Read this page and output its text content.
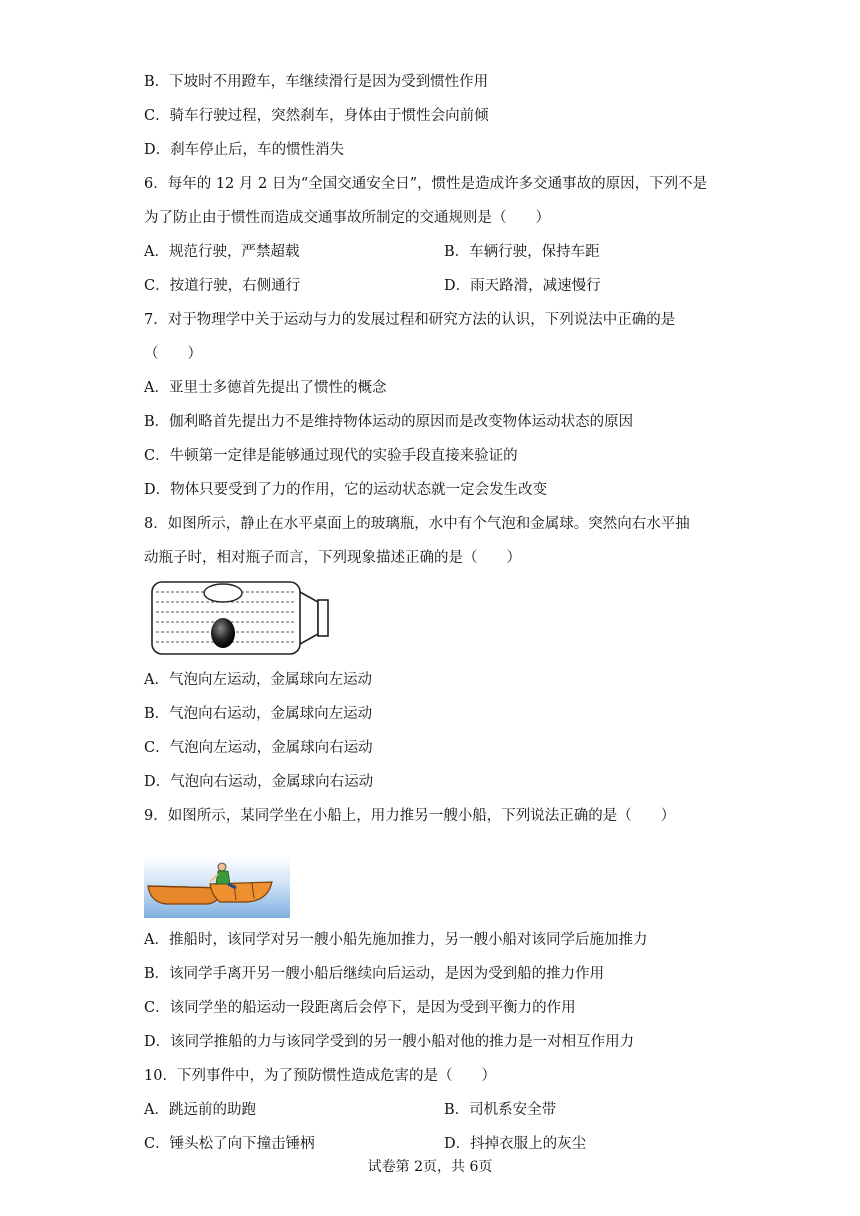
B．下坡时不用蹬车，车继续滑行是因为受到惯性作用
C．骑车行驶过程，突然刹车，身体由于惯性会向前倾
D．刹车停止后，车的惯性消失
6．每年的 12 月 2 日为“全国交通安全日”，惯性是造成许多交通事故的原因，下列不是
为了防止由于惯性而造成交通事故所制定的交通规则是（　　）
A．规范行驶，严禁超载	B．车辆行驶，保持车距
C．按道行驶，右侧通行	D．雨天路滑，减速慢行
7．对于物理学中关于运动与力的发展过程和研究方法的认识，下列说法中正确的是
（　　）
A．亚里士多德首先提出了惯性的概念
B．伽利略首先提出力不是维持物体运动的原因而是改变物体运动状态的原因
C．牛顿第一定律是能够通过现代的实验手段直接来验证的
D．物体只要受到了力的作用，它的运动状态就一定会发生改变
8．如图所示，静止在水平桌面上的玻璃瓶，水中有个气泡和金属球。突然向右水平抽
动瓶子时，相对瓶子而言，下列现象描述正确的是（　　）
A．气泡向左运动，金属球向左运动
B．气泡向右运动，金属球向左运动
C．气泡向左运动，金属球向右运动
D．气泡向右运动，金属球向右运动
9．如图所示，某同学坐在小船上，用力推另一艘小船，下列说法正确的是（　　）
A．推船时，该同学对另一艘小船先施加推力，另一艘小船对该同学后施加推力
B．该同学手离开另一艘小船后继续向后运动，是因为受到船的推力作用
C．该同学坐的船运动一段距离后会停下，是因为受到平衡力的作用
D．该同学推船的力与该同学受到的另一艘小船对他的推力是一对相互作用力
10．下列事件中，为了预防惯性造成危害的是（　　）
A．跳远前的助跑	B．司机系安全带
C．锤头松了向下撞击锤柄	D．抖掉衣服上的灰尘
试卷第 2页，共 6页
